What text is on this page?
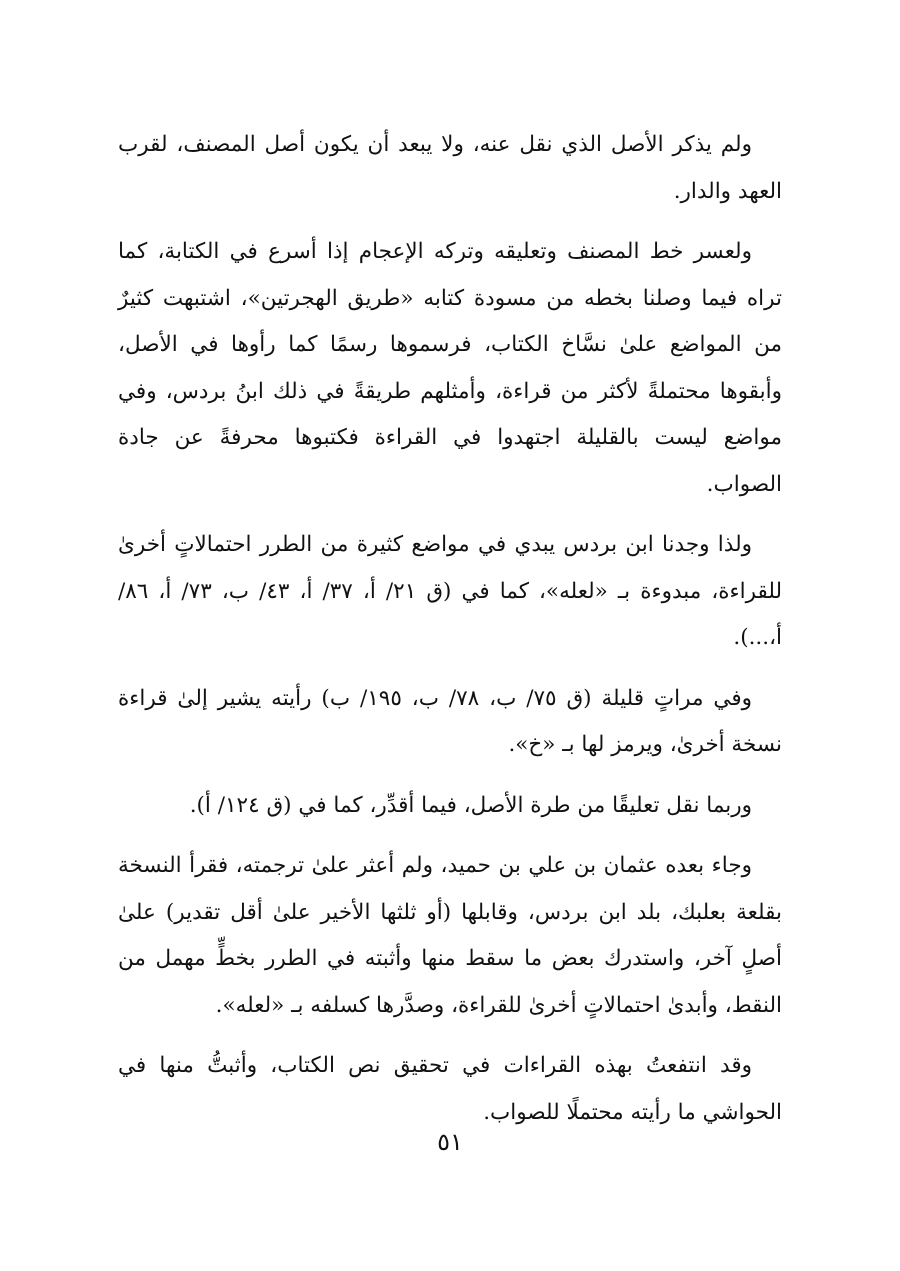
ولم يذكر الأصل الذي نقل عنه، ولا يبعد أن يكون أصل المصنف، لقرب العهد والدار.

ولعسر خط المصنف وتعليقه وتركه الإعجام إذا أسرع في الكتابة، كما تراه فيما وصلنا بخطه من مسودة كتابه «طريق الهجرتين»، اشتبهت كثيرٌ من المواضع علىٰ نسَّاخ الكتاب، فرسموها رسمًا كما رأوها في الأصل، وأبقوها محتملةً لأكثر من قراءة، وأمثلهم طريقةً في ذلك ابنُ بردس، وفي مواضع ليست بالقليلة اجتهدوا في القراءة فكتبوها محرفةً عن جادة الصواب.

ولذا وجدنا ابن بردس يبدي في مواضع كثيرة من الطرر احتمالاتٍ أخرىٰ للقراءة، مبدوءة بـ «لعله»، كما في (ق ٢١/ أ، ٣٧/ أ، ٤٣/ ب، ٧٣/ أ، ٨٦/ أ،...).

وفي مراتٍ قليلة (ق ٧٥/ ب، ٧٨/ ب، ١٩٥/ ب) رأيته يشير إلىٰ قراءة نسخة أخرىٰ، ويرمز لها بـ «خ».

وربما نقل تعليقًا من طرة الأصل، فيما أقدِّر، كما في (ق ١٢٤/ أ).

وجاء بعده عثمان بن علي بن حميد، ولم أعثر علىٰ ترجمته، فقرأ النسخة بقلعة بعلبك، بلد ابن بردس، وقابلها (أو ثلثها الأخير علىٰ أقل تقدير) علىٰ أصلٍ آخر، واستدرك بعض ما سقط منها وأثبته في الطرر بخطٍّ مهمل من النقط، وأبدىٰ احتمالاتٍ أخرىٰ للقراءة، وصدَّرها كسلفه بـ «لعله».

وقد انتفعتُ بهذه القراءات في تحقيق نص الكتاب، وأثبتُّ منها في الحواشي ما رأيته محتملًا للصواب.

٥١
